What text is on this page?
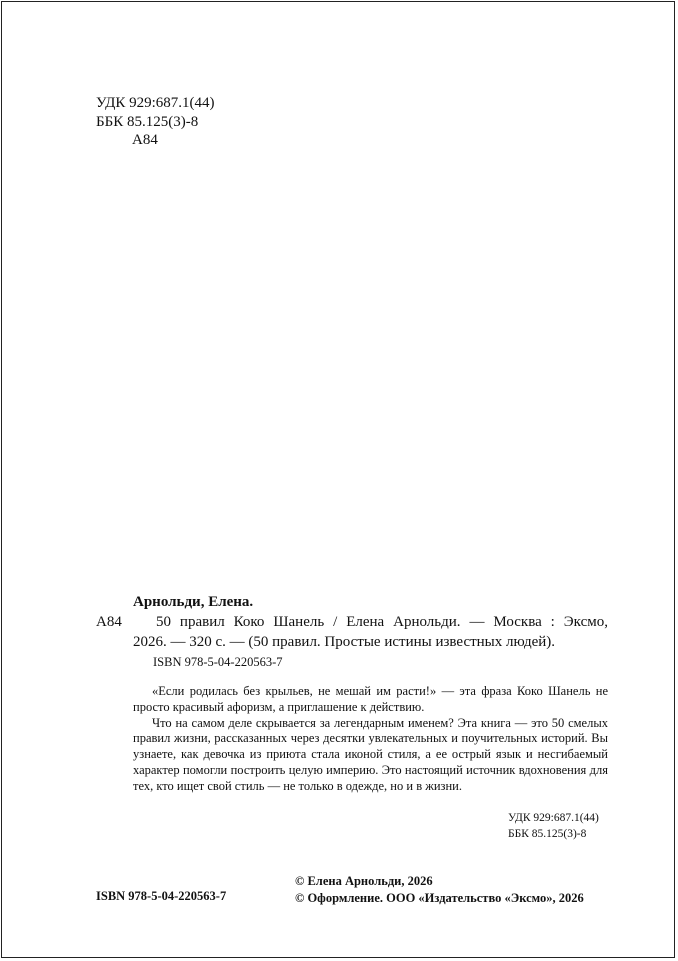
УДК 929:687.1(44)
ББК 85.125(3)-8
А84
Арнольди, Елена.
А84	50 правил Коко Шанель / Елена Арнольди. — Москва : Эксмо,

2026. — 320 с. — (50 правил. Простые истины известных людей).

ISBN 978-5-04-220563-7

«Если родилась без крыльев, не мешай им расти!» — эта фраза Коко Шанель не просто красивый афоризм, а приглашение к действию.

Что на самом деле скрывается за легендарным именем? Эта книга — это 50 смелых правил жизни, рассказанных через десятки увлекательных и поучительных историй. Вы узнаете, как девочка из приюта стала иконой стиля, а ее острый язык и несгибаемый характер помогли построить целую империю. Это настоящий источник вдохновения для тех, кто ищет свой стиль — не только в одежде, но и в жизни.

УДК 929:687.1(44)
ББК 85.125(3)-8
ISBN 978-5-04-220563-7
© Елена Арнольди, 2026
© Оформление. ООО «Издательство «Эксмо», 2026
